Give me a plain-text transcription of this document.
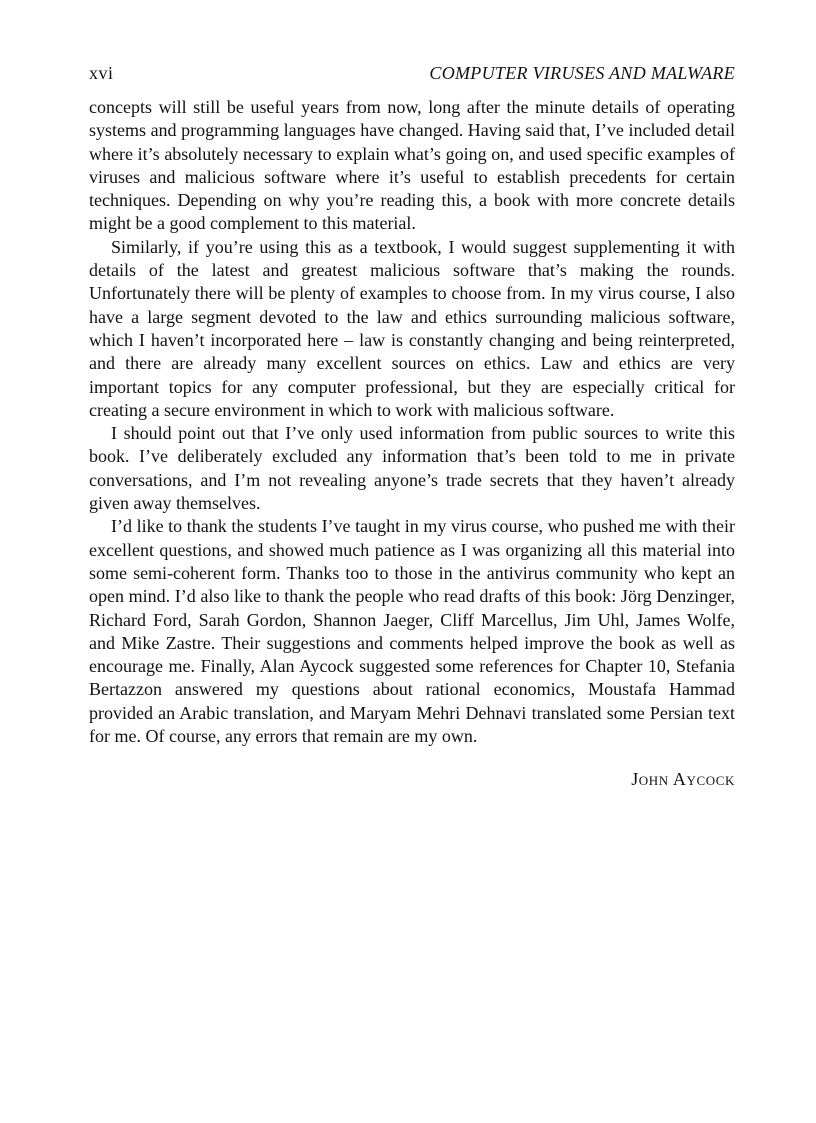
xvi	COMPUTER VIRUSES AND MALWARE

concepts will still be useful years from now, long after the minute details of operating systems and programming languages have changed. Having said that, I’ve included detail where it’s absolutely necessary to explain what’s going on, and used specific examples of viruses and malicious software where it’s useful to establish precedents for certain techniques. Depending on why you’re reading this, a book with more concrete details might be a good complement to this material.

Similarly, if you’re using this as a textbook, I would suggest supplementing it with details of the latest and greatest malicious software that’s making the rounds. Unfortunately there will be plenty of examples to choose from. In my virus course, I also have a large segment devoted to the law and ethics surrounding malicious software, which I haven’t incorporated here – law is constantly changing and being reinterpreted, and there are already many excellent sources on ethics. Law and ethics are very important topics for any computer professional, but they are especially critical for creating a secure environment in which to work with malicious software.

I should point out that I’ve only used information from public sources to write this book. I’ve deliberately excluded any information that’s been told to me in private conversations, and I’m not revealing anyone’s trade secrets that they haven’t already given away themselves.

I’d like to thank the students I’ve taught in my virus course, who pushed me with their excellent questions, and showed much patience as I was organizing all this material into some semi-coherent form. Thanks too to those in the antivirus community who kept an open mind. I’d also like to thank the people who read drafts of this book: Jörg Denzinger, Richard Ford, Sarah Gordon, Shannon Jaeger, Cliff Marcellus, Jim Uhl, James Wolfe, and Mike Zastre. Their suggestions and comments helped improve the book as well as encourage me. Finally, Alan Aycock suggested some references for Chapter 10, Stefania Bertazzon answered my questions about rational economics, Moustafa Hammad provided an Arabic translation, and Maryam Mehri Dehnavi translated some Persian text for me. Of course, any errors that remain are my own.

John Aycock
